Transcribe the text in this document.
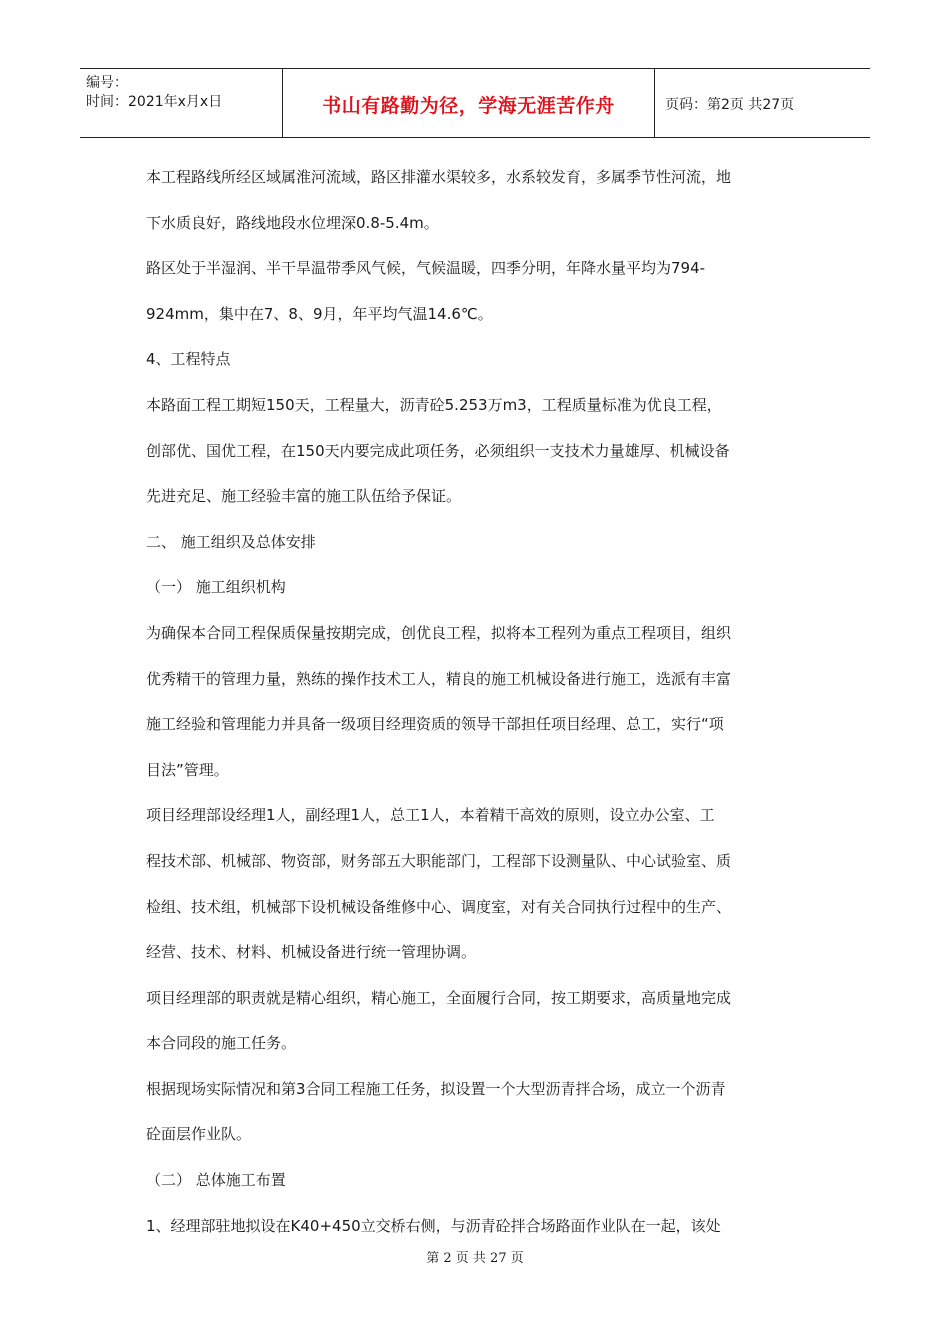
编号：
时间：2021年x月x日	书山有路勤为径，学海无涯苦作舟	页码：第2页 共27页

本工程路线所经区域属淮河流域，路区排灌水渠较多，水系较发育，多属季节性河流，地

下水质良好，路线地段水位埋深0.8-5.4m。

路区处于半湿润、半干旱温带季风气候，气候温暖，四季分明，年降水量平均为794-

924mm，集中在7、8、9月，年平均气温14.6℃。

4、工程特点

本路面工程工期短150天，工程量大，沥青砼5.253万m3，工程质量标准为优良工程，

创部优、国优工程，在150天内要完成此项任务，必须组织一支技术力量雄厚、机械设备

先进充足、施工经验丰富的施工队伍给予保证。

二、 施工组织及总体安排

（一） 施工组织机构

为确保本合同工程保质保量按期完成，创优良工程，拟将本工程列为重点工程项目，组织

优秀精干的管理力量，熟练的操作技术工人，精良的施工机械设备进行施工，选派有丰富

施工经验和管理能力并具备一级项目经理资质的领导干部担任项目经理、总工，实行“项

目法”管理。

项目经理部设经理1人，副经理1人，总工1人，本着精干高效的原则，设立办公室、工

程技术部、机械部、物资部，财务部五大职能部门，工程部下设测量队、中心试验室、质

检组、技术组，机械部下设机械设备维修中心、调度室，对有关合同执行过程中的生产、

经营、技术、材料、机械设备进行统一管理协调。

项目经理部的职责就是精心组织，精心施工，全面履行合同，按工期要求，高质量地完成

本合同段的施工任务。

根据现场实际情况和第3合同工程施工任务，拟设置一个大型沥青拌合场，成立一个沥青

砼面层作业队。

（二） 总体施工布置

1、经理部驻地拟设在K40+450立交桥右侧，与沥青砼拌合场路面作业队在一起，该处

第 2 页 共 27 页
